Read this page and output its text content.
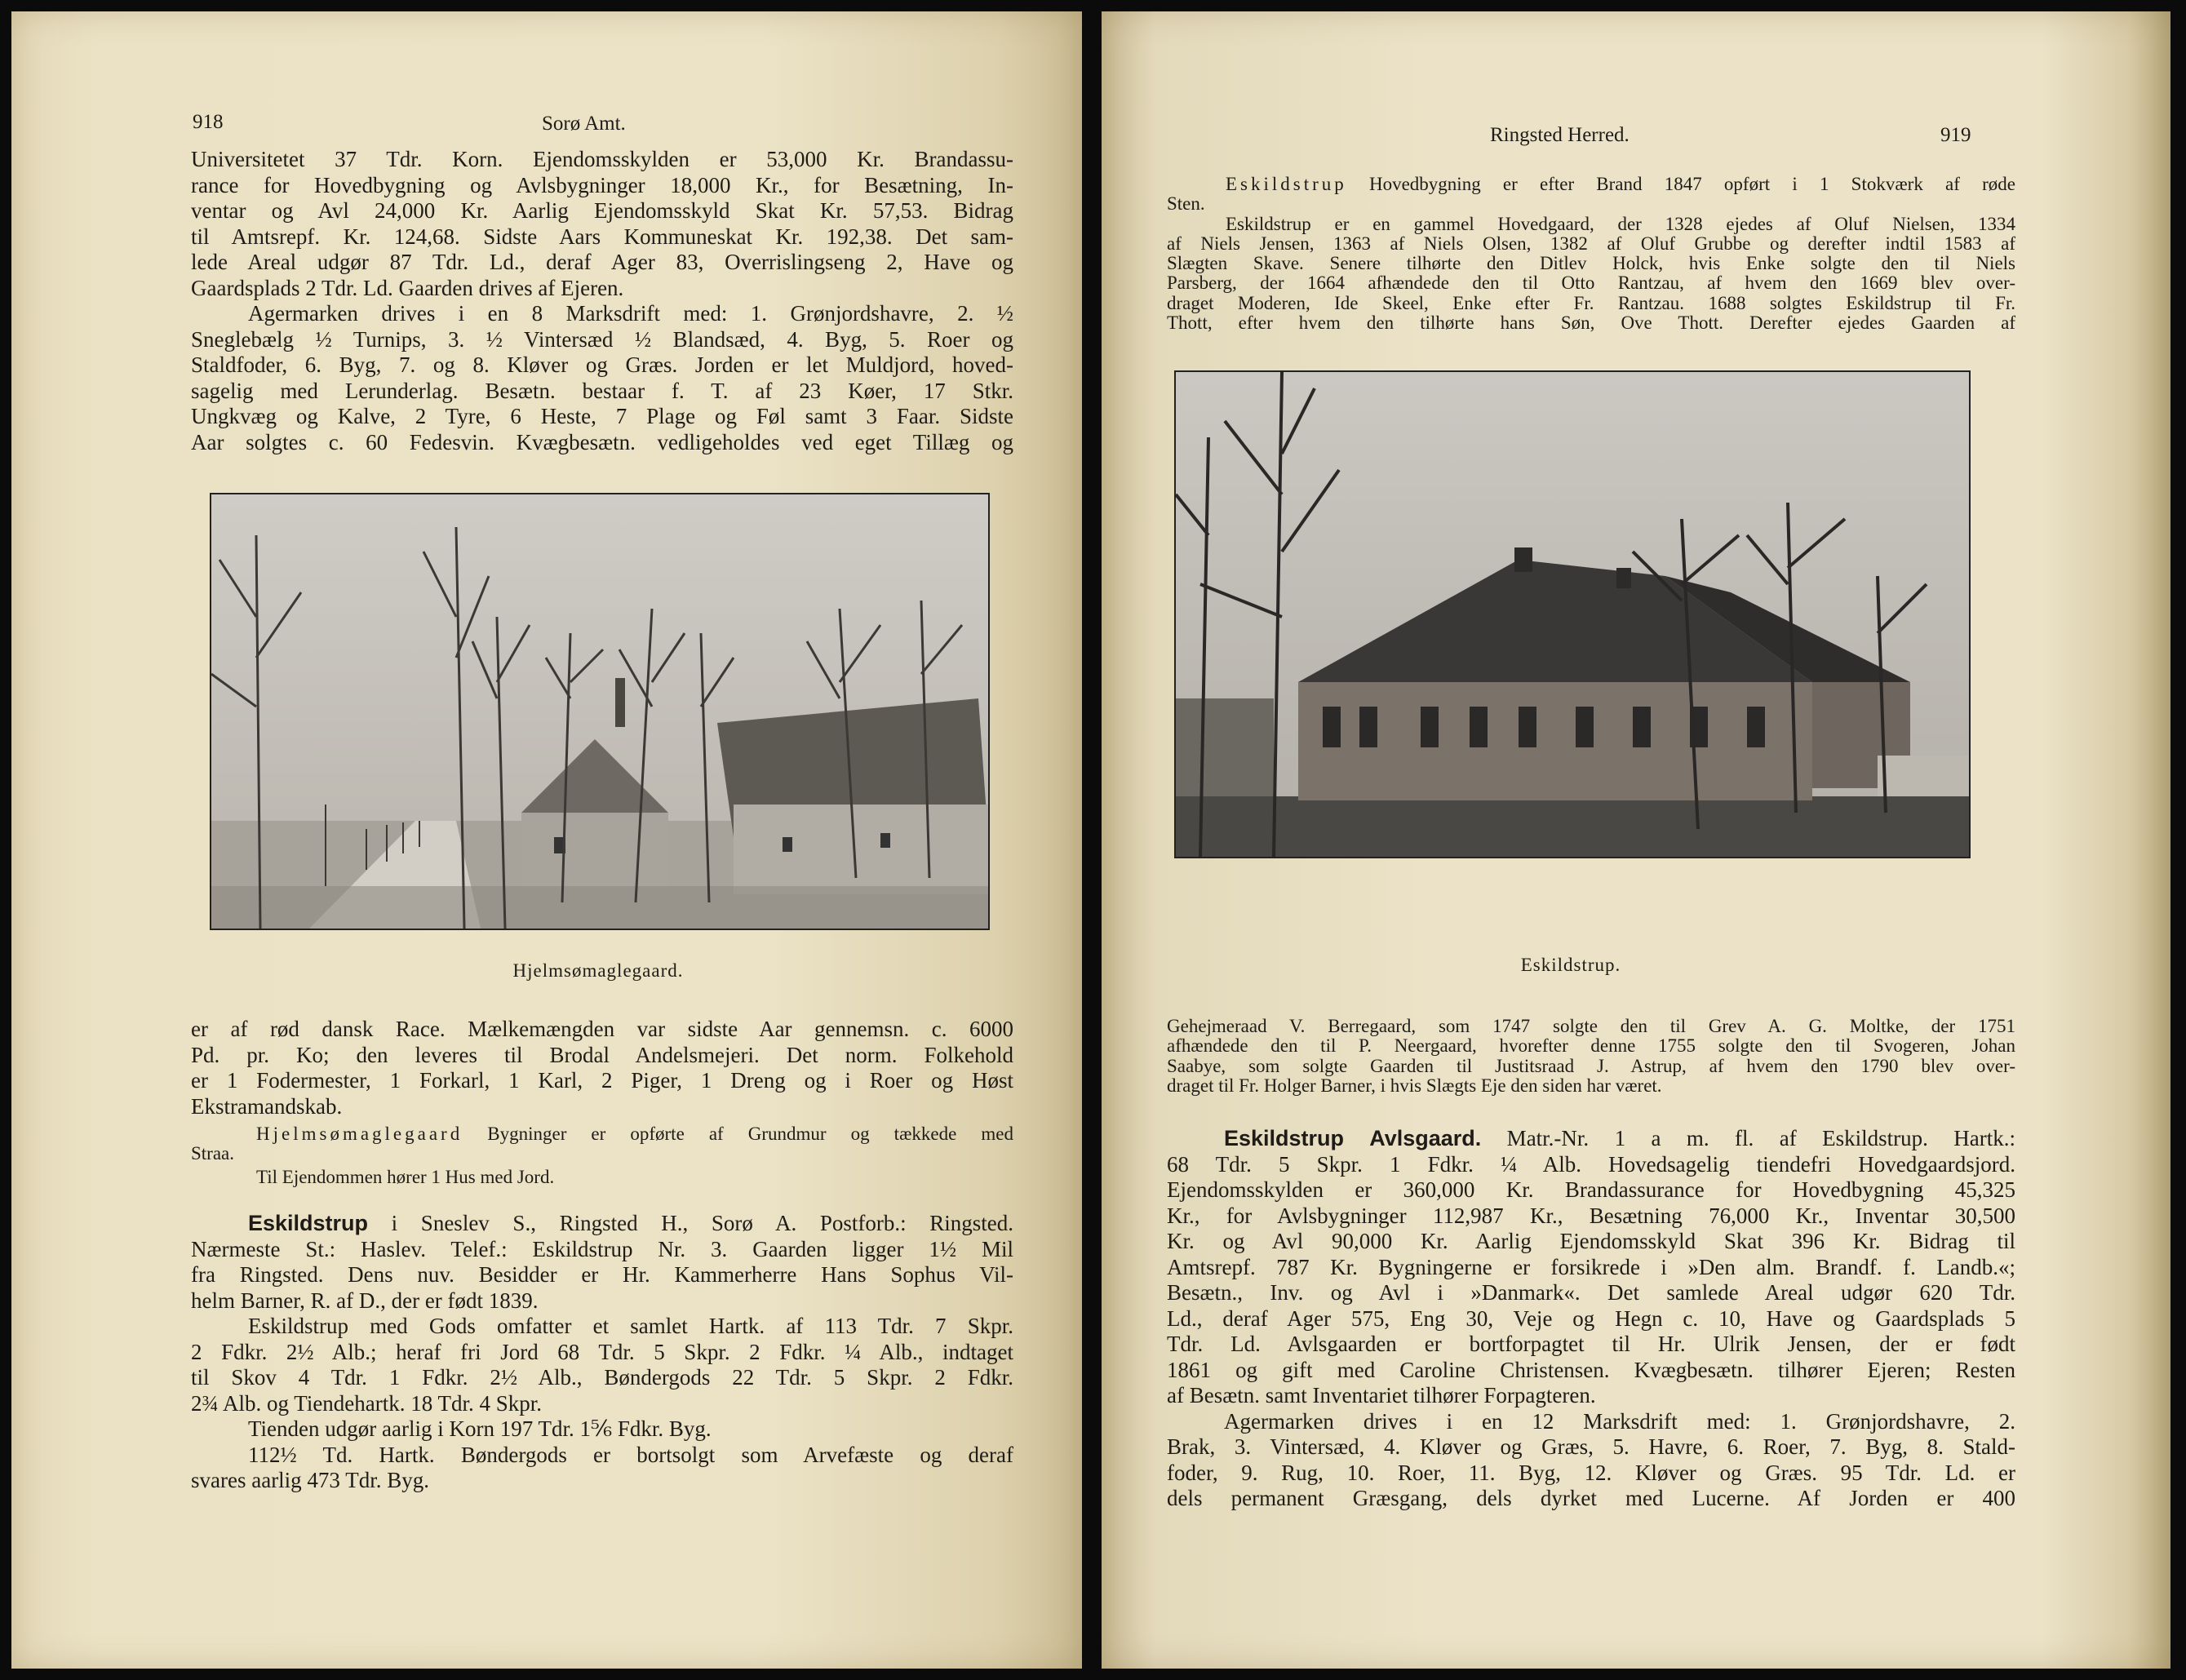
918	Sorø Amt.
Universitetet 37 Tdr. Korn. Ejendomsskylden er 53,000 Kr. Brandassu-
rance for Hovedbygning og Avlsbygninger 18,000 Kr., for Besætning, In-
ventar og Avl 24,000 Kr. Aarlig Ejendomsskyld Skat Kr. 57,53. Bidrag
til Amtsrepf. Kr. 124,68. Sidste Aars Kommuneskat Kr. 192,38. Det sam-
lede Areal udgør 87 Tdr. Ld., deraf Ager 83, Overrislingseng 2, Have og
Gaardsplads 2 Tdr. Ld. Gaarden drives af Ejeren.
Agermarken drives i en 8 Marksdrift med: 1. Grønjordshavre, 2. ½
Sneglebælg ½ Turnips, 3. ½ Vintersæd ½ Blandsæd, 4. Byg, 5. Roer og
Staldfoder, 6. Byg, 7. og 8. Kløver og Græs. Jorden er let Muldjord, hoved-
sagelig med Lerunderlag. Besætn. bestaar f. T. af 23 Køer, 17 Stkr.
Ungkvæg og Kalve, 2 Tyre, 6 Heste, 7 Plage og Føl samt 3 Faar. Sidste
Aar solgtes c. 60 Fedesvin. Kvægbesætn. vedligeholdes ved eget Tillæg og
Hjelmsømaglegaard.
er af rød dansk Race. Mælkemængden var sidste Aar gennemsn. c. 6000
Pd. pr. Ko; den leveres til Brodal Andelsmejeri. Det norm. Folkehold
er 1 Fodermester, 1 Forkarl, 1 Karl, 2 Piger, 1 Dreng og i Roer og Høst
Ekstramandskab.
Hjelmsømaglegaard Bygninger er opførte af Grundmur og tækkede med
Straa.
Til Ejendommen hører 1 Hus med Jord.
Eskildstrup i Sneslev S., Ringsted H., Sorø A. Postforb.: Ringsted.
Nærmeste St.: Haslev. Telef.: Eskildstrup Nr. 3. Gaarden ligger 1½ Mil
fra Ringsted. Dens nuv. Besidder er Hr. Kammerherre Hans Sophus Vil-
helm Barner, R. af D., der er født 1839.
Eskildstrup med Gods omfatter et samlet Hartk. af 113 Tdr. 7 Skpr.
2 Fdkr. 2½ Alb.; heraf fri Jord 68 Tdr. 5 Skpr. 2 Fdkr. ¼ Alb., indtaget
til Skov 4 Tdr. 1 Fdkr. 2½ Alb., Bøndergods 22 Tdr. 5 Skpr. 2 Fdkr.
2¾ Alb. og Tiendehartk. 18 Tdr. 4 Skpr.
Tienden udgør aarlig i Korn 197 Tdr. 1⅚ Fdkr. Byg.
112½ Td. Hartk. Bøndergods er bortsolgt som Arvefæste og deraf
svares aarlig 473 Tdr. Byg.
Ringsted Herred.	919
Eskildstrup Hovedbygning er efter Brand 1847 opført i 1 Stokværk af røde
Sten.
Eskildstrup er en gammel Hovedgaard, der 1328 ejedes af Oluf Nielsen, 1334
af Niels Jensen, 1363 af Niels Olsen, 1382 af Oluf Grubbe og derefter indtil 1583 af
Slægten Skave. Senere tilhørte den Ditlev Holck, hvis Enke solgte den til Niels
Parsberg, der 1664 afhændede den til Otto Rantzau, af hvem den 1669 blev over-
draget Moderen, Ide Skeel, Enke efter Fr. Rantzau. 1688 solgtes Eskildstrup til Fr.
Thott, efter hvem den tilhørte hans Søn, Ove Thott. Derefter ejedes Gaarden af
Eskildstrup.
Gehejmeraad V. Berregaard, som 1747 solgte den til Grev A. G. Moltke, der 1751
afhændede den til P. Neergaard, hvorefter denne 1755 solgte den til Svogeren, Johan
Saabye, som solgte Gaarden til Justitsraad J. Astrup, af hvem den 1790 blev over-
draget til Fr. Holger Barner, i hvis Slægts Eje den siden har været.
Eskildstrup Avlsgaard. Matr.-Nr. 1 a m. fl. af Eskildstrup. Hartk.:
68 Tdr. 5 Skpr. 1 Fdkr. ¼ Alb. Hovedsagelig tiendefri Hovedgaardsjord.
Ejendomsskylden er 360,000 Kr. Brandassurance for Hovedbygning 45,325
Kr., for Avlsbygninger 112,987 Kr., Besætning 76,000 Kr., Inventar 30,500
Kr. og Avl 90,000 Kr. Aarlig Ejendomsskyld Skat 396 Kr. Bidrag til
Amtsrepf. 787 Kr. Bygningerne er forsikrede i »Den alm. Brandf. f. Landb.«;
Besætn., Inv. og Avl i »Danmark«. Det samlede Areal udgør 620 Tdr.
Ld., deraf Ager 575, Eng 30, Veje og Hegn c. 10, Have og Gaardsplads 5
Tdr. Ld. Avlsgaarden er bortforpagtet til Hr. Ulrik Jensen, der er født
1861 og gift med Caroline Christensen. Kvægbesætn. tilhører Ejeren; Resten
af Besætn. samt Inventariet tilhører Forpagteren.
Agermarken drives i en 12 Marksdrift med: 1. Grønjordshavre, 2.
Brak, 3. Vintersæd, 4. Kløver og Græs, 5. Havre, 6. Roer, 7. Byg, 8. Stald-
foder, 9. Rug, 10. Roer, 11. Byg, 12. Kløver og Græs. 95 Tdr. Ld. er
dels permanent Græsgang, dels dyrket med Lucerne. Af Jorden er 400
